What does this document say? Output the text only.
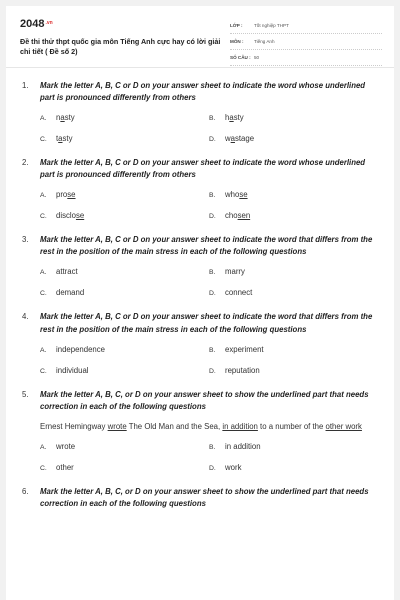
$2048^{.vn}$
Đề thi thử thpt quốc gia môn Tiếng Anh cực hay có lời giải chi tiết ( Đề số 2)
LỚP :	Tốt nghiệp THPT
MÔN :	Tiếng Anh
SỐ CÂU : 50
1.	Mark the letter A, B, C or D on your answer sheet to indicate the word whose underlined part is pronounced differently from others
A.	nasty	B.	hasty
C.	tasty	D.	wastage
2.	Mark the letter A, B, C or D on your answer sheet to indicate the word whose underlined part is pronounced differently from others
A.	prose	B.	whose
C.	disclose	D.	chosen
3.	Mark the letter A, B, C or D on your answer sheet to indicate the word that differs from the rest in the position of the main stress in each of the following questions
A.	attract	B.	marry
C.	demand	D.	connect
4.	Mark the letter A, B, C or D on your answer sheet to indicate the word that differs from the rest in the position of the main stress in each of the following questions
A.	independence	B.	experiment
C.	individual	D.	reputation
5.	Mark the letter A, B, C, or D on your answer sheet to show the underlined part that needs correction in each of the following questions
Ernest Hemingway wrote The Old Man and the Sea, in addition to a number of the other work
A.	wrote	B.	in addition
C.	other	D.	work
6.	Mark the letter A, B, C, or D on your answer sheet to show the underlined part that needs correction in each of the following questions
